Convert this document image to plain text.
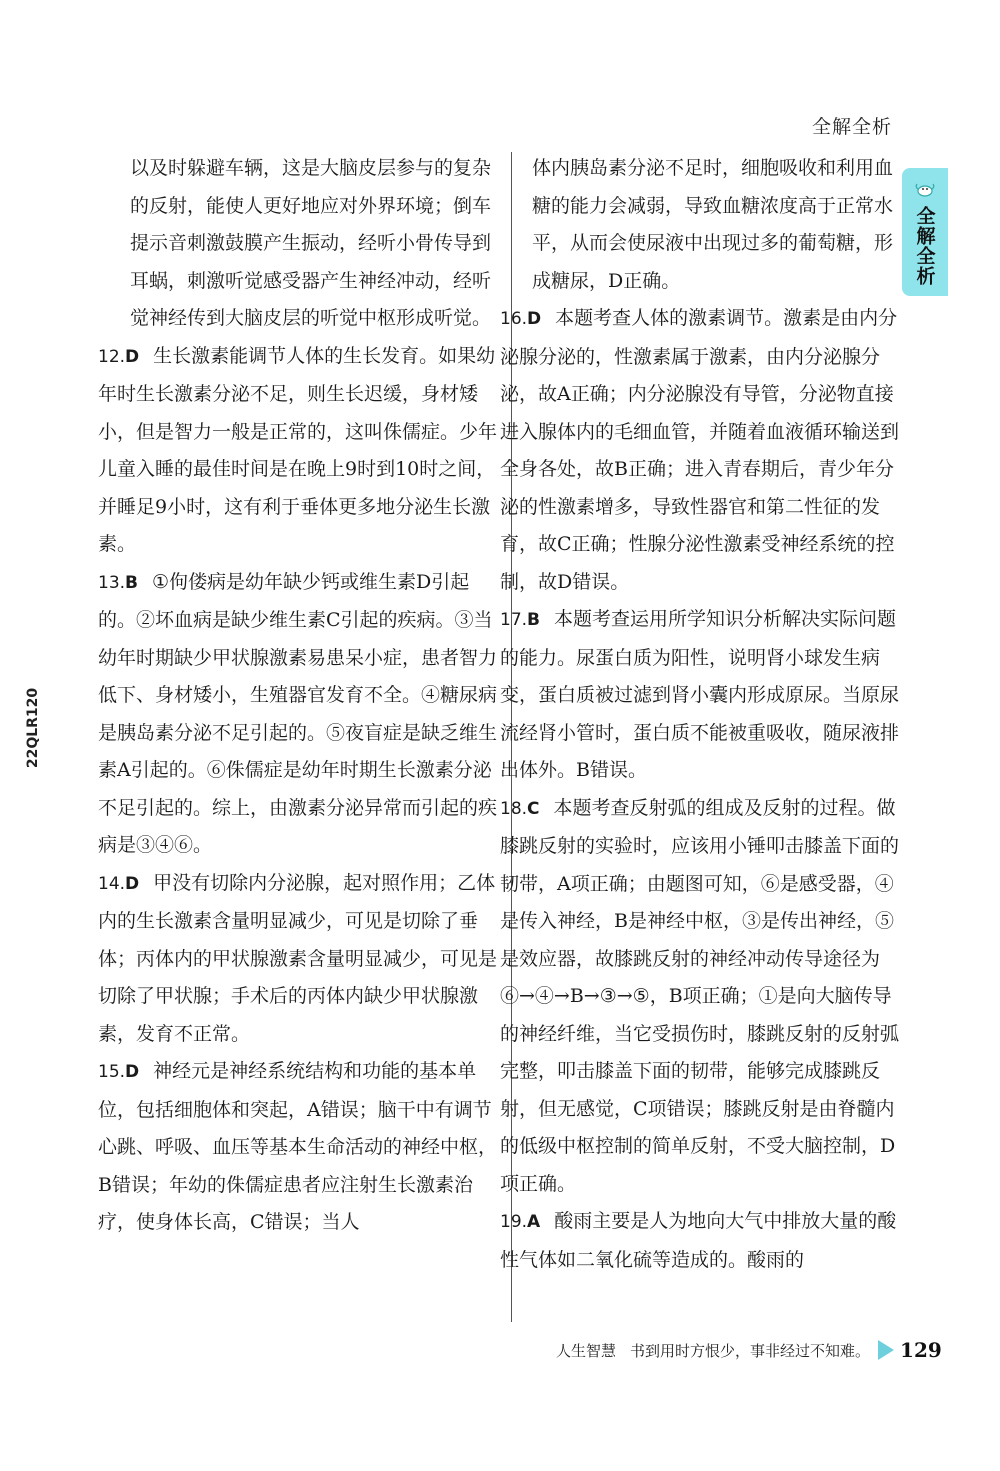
全解全析
全解全析
22QLR120
以及时躲避车辆，这是大脑皮层参与的复杂的反射，能使人更好地应对外界环境；倒车提示音刺激鼓膜产生振动，经听小骨传导到耳蜗，刺激听觉感受器产生神经冲动，经听觉神经传到大脑皮层的听觉中枢形成听觉。
12.D 生长激素能调节人体的生长发育。如果幼年时生长激素分泌不足，则生长迟缓，身材矮小，但是智力一般是正常的，这叫侏儒症。少年儿童入睡的最佳时间是在晚上9时到10时之间，并睡足9小时，这有利于垂体更多地分泌生长激素。
13.B ①佝偻病是幼年缺少钙或维生素D引起的。②坏血病是缺少维生素C引起的疾病。③当幼年时期缺少甲状腺激素易患呆小症，患者智力低下、身材矮小，生殖器官发育不全。④糖尿病是胰岛素分泌不足引起的。⑤夜盲症是缺乏维生素A引起的。⑥侏儒症是幼年时期生长激素分泌不足引起的。综上，由激素分泌异常而引起的疾病是③④⑥。
14.D 甲没有切除内分泌腺，起对照作用；乙体内的生长激素含量明显减少，可见是切除了垂体；丙体内的甲状腺激素含量明显减少，可见是切除了甲状腺；手术后的丙体内缺少甲状腺激素，发育不正常。
15.D 神经元是神经系统结构和功能的基本单位，包括细胞体和突起，A错误；脑干中有调节心跳、呼吸、血压等基本生命活动的神经中枢，B错误；年幼的侏儒症患者应注射生长激素治疗，使身体长高，C错误；当人
体内胰岛素分泌不足时，细胞吸收和利用血糖的能力会减弱，导致血糖浓度高于正常水平，从而会使尿液中出现过多的葡萄糖，形成糖尿，D正确。
16.D 本题考查人体的激素调节。激素是由内分泌腺分泌的，性激素属于激素，由内分泌腺分泌，故A正确；内分泌腺没有导管，分泌物直接进入腺体内的毛细血管，并随着血液循环输送到全身各处，故B正确；进入青春期后，青少年分泌的性激素增多，导致性器官和第二性征的发育，故C正确；性腺分泌性激素受神经系统的控制，故D错误。
17.B 本题考查运用所学知识分析解决实际问题的能力。尿蛋白质为阳性，说明肾小球发生病变，蛋白质被过滤到肾小囊内形成原尿。当原尿流经肾小管时，蛋白质不能被重吸收，随尿液排出体外。B错误。
18.C 本题考查反射弧的组成及反射的过程。做膝跳反射的实验时，应该用小锤叩击膝盖下面的韧带，A项正确；由题图可知，⑥是感受器，④是传入神经，B是神经中枢，③是传出神经，⑤是效应器，故膝跳反射的神经冲动传导途径为⑥→④→B→③→⑤，B项正确；①是向大脑传导的神经纤维，当它受损伤时，膝跳反射的反射弧完整，叩击膝盖下面的韧带，能够完成膝跳反射，但无感觉，C项错误；膝跳反射是由脊髓内的低级中枢控制的简单反射，不受大脑控制，D项正确。
19.A 酸雨主要是人为地向大气中排放大量的酸性气体如二氧化硫等造成的。酸雨的
人生智慧 书到用时方恨少，事非经过不知难。 129
